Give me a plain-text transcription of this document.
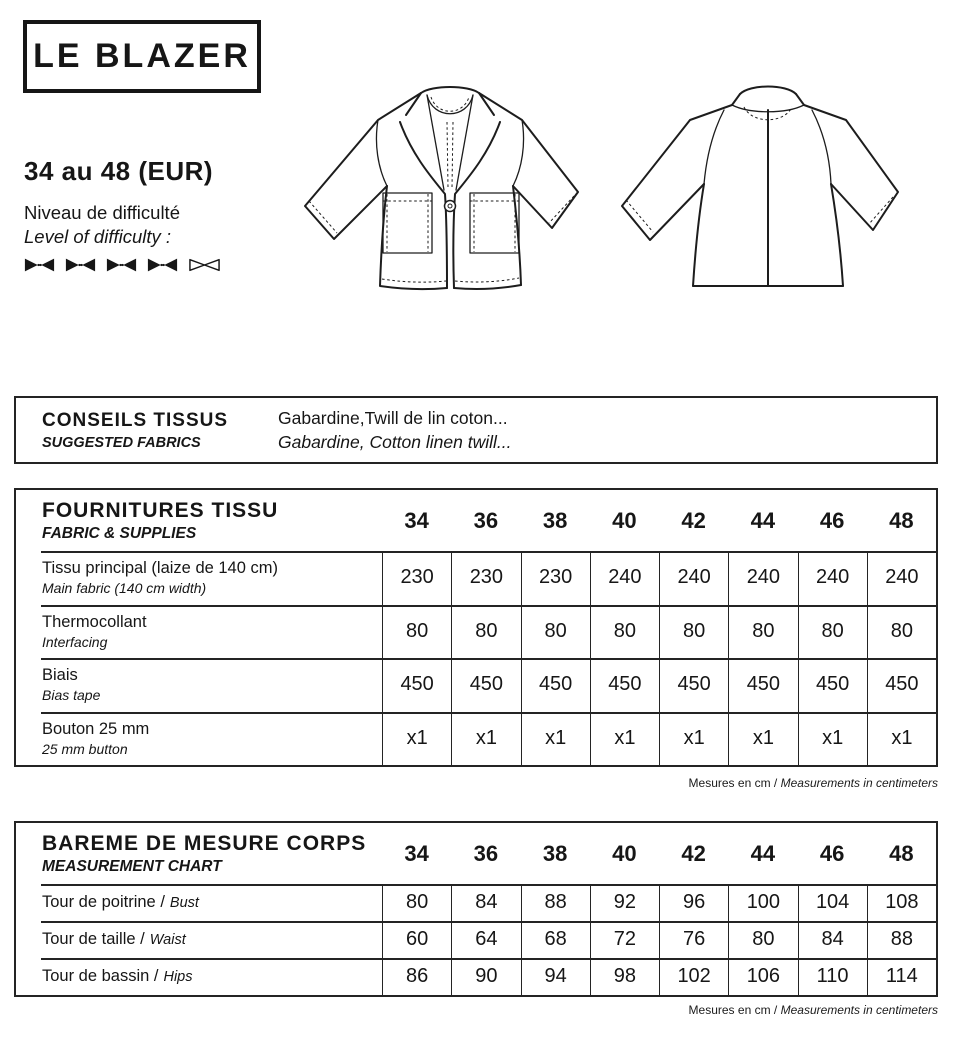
LE BLAZER
34 au 48 (EUR)
Niveau de difficulté
Level of difficulty :
CONSEILS TISSUS
SUGGESTED FABRICS
Gabardine,Twill de lin coton...
Gabardine, Cotton linen twill...
FOURNITURES TISSU
FABRIC & SUPPLIES
34	36	38	40	42	44	46	48
Tissu principal (laize de 140 cm)
Main fabric (140 cm width)	230	230	230	240	240	240	240	240
Thermocollant
Interfacing	80	80	80	80	80	80	80	80
Biais
Bias tape	450	450	450	450	450	450	450	450
Bouton 25 mm
25 mm button	x1	x1	x1	x1	x1	x1	x1	x1
Mesures en cm / Measurements in centimeters
BAREME DE MESURE CORPS
MEASUREMENT CHART
34	36	38	40	42	44	46	48
Tour de poitrine / Bust	80	84	88	92	96	100	104	108
Tour de taille / Waist	60	64	68	72	76	80	84	88
Tour de bassin / Hips	86	90	94	98	102	106	110	114
Mesures en cm / Measurements in centimeters
